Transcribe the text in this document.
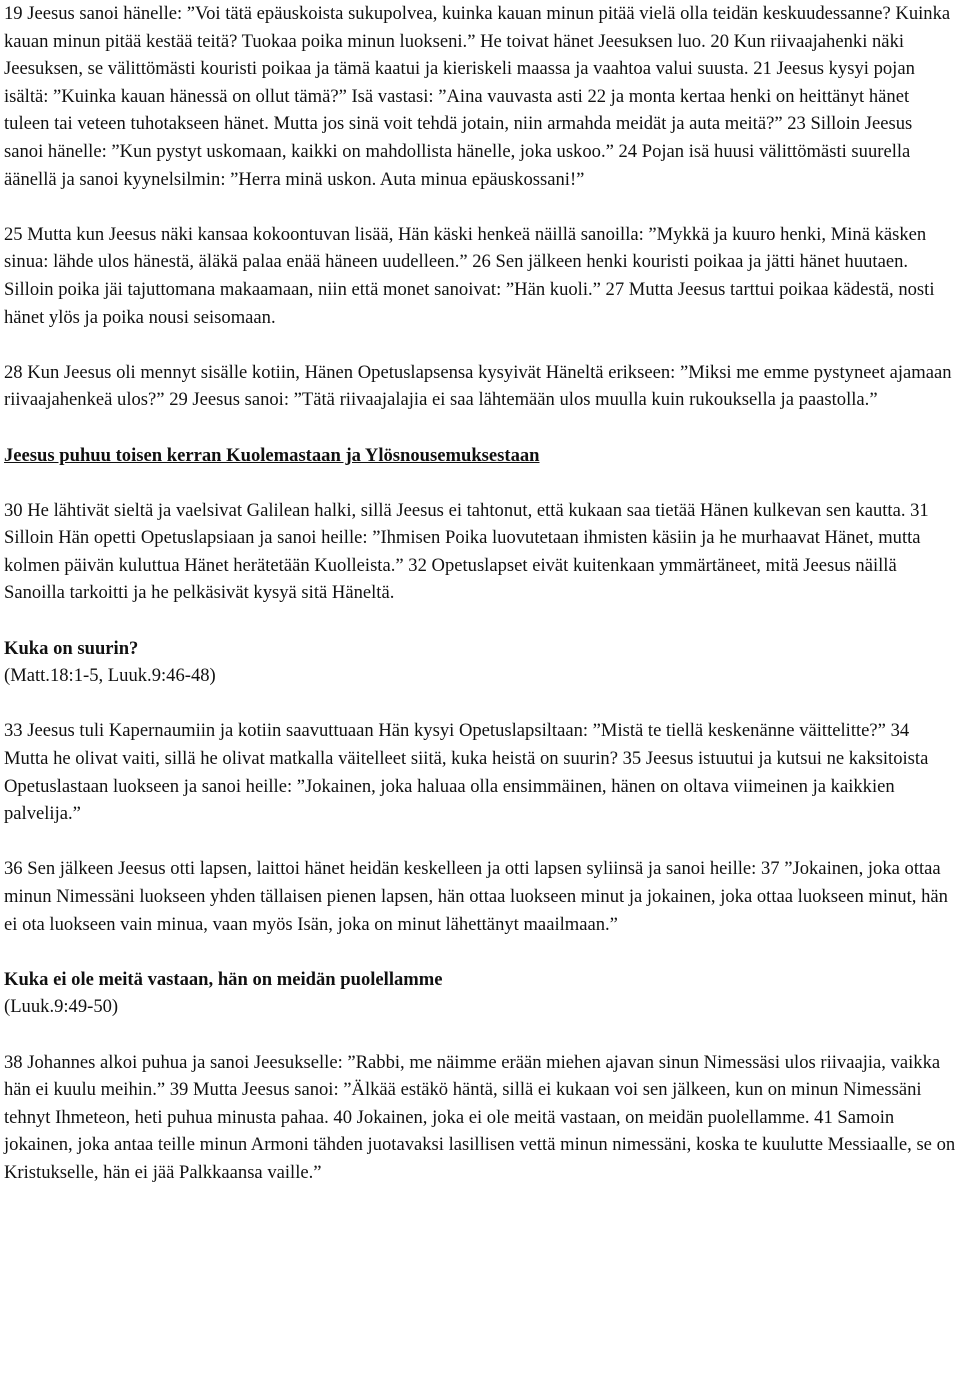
19 Jeesus sanoi hänelle: ”Voi tätä epäuskoista sukupolvea, kuinka kauan minun pitää vielä olla teidän keskuudessanne? Kuinka kauan minun pitää kestää teitä? Tuokaa poika minun luokseni.” He toivat hänet Jeesuksen luo. 20 Kun riivaajahenki näki Jeesuksen, se välittömästi kouristi poikaa ja tämä kaatui ja kieriskeli maassa ja vaahtoa valui suusta. 21 Jeesus kysyi pojan isältä: ”Kuinka kauan hänessä on ollut tämä?” Isä vastasi: ”Aina vauvasta asti 22 ja monta kertaa henki on heittänyt hänet tuleen tai veteen tuhotakseen hänet. Mutta jos sinä voit tehdä jotain, niin armahda meidät ja auta meitä?” 23 Silloin Jeesus sanoi hänelle: ”Kun pystyt uskomaan, kaikki on mahdollista hänelle, joka uskoo.” 24 Pojan isä huusi välittömästi suurella äänellä ja sanoi kyynelsilmin: ”Herra minä uskon. Auta minua epäuskossani!”

25 Mutta kun Jeesus näki kansaa kokoontuvan lisää, Hän käski henkeä näillä sanoilla: ”Mykkä ja kuuro henki, Minä käsken sinua: lähde ulos hänestä, äläkä palaa enää häneen uudelleen.” 26 Sen jälkeen henki kouristi poikaa ja jätti hänet huutaen. Silloin poika jäi tajuttomana makaamaan, niin että monet sanoivat: ”Hän kuoli.” 27 Mutta Jeesus tarttui poikaa kädestä, nosti hänet ylös ja poika nousi seisomaan.

28 Kun Jeesus oli mennyt sisälle kotiin, Hänen Opetuslapsensa kysyivät Häneltä erikseen: ”Miksi me emme pystyneet ajamaan riivaajahenkeä ulos?” 29 Jeesus sanoi: ”Tätä riivaajalajia ei saa lähtemään ulos muulla kuin rukouksella ja paastolla.”

Jeesus puhuu toisen kerran Kuolemastaan ja Ylösnousemuksestaan

30 He lähtivät sieltä ja vaelsivat Galilean halki, sillä Jeesus ei tahtonut, että kukaan saa tietää Hänen kulkevan sen kautta. 31 Silloin Hän opetti Opetuslapsiaan ja sanoi heille: ”Ihmisen Poika luovutetaan ihmisten käsiin ja he murhaavat Hänet, mutta kolmen päivän kuluttua Hänet herätetään Kuolleista.” 32 Opetuslapset eivät kuitenkaan ymmärtäneet, mitä Jeesus näillä Sanoilla tarkoitti ja he pelkäsivät kysyä sitä Häneltä.

Kuka on suurin?

(Matt.18:1-5, Luuk.9:46-48)

33 Jeesus tuli Kapernaumiin ja kotiin saavuttuaan Hän kysyi Opetuslapsiltaan: ”Mistä te tiellä keskenänne väittelitte?” 34 Mutta he olivat vaiti, sillä he olivat matkalla väitelleet siitä, kuka heistä on suurin? 35 Jeesus istuutui ja kutsui ne kaksitoista Opetuslastaan luokseen ja sanoi heille: ”Jokainen, joka haluaa olla ensimmäinen, hänen on oltava viimeinen ja kaikkien palvelija.”

36 Sen jälkeen Jeesus otti lapsen, laittoi hänet heidän keskelleen ja otti lapsen syliinsä ja sanoi heille: 37 ”Jokainen, joka ottaa minun Nimessäni luokseen yhden tällaisen pienen lapsen, hän ottaa luokseen minut ja jokainen, joka ottaa luokseen minut, hän ei ota luokseen vain minua, vaan myös Isän, joka on minut lähettänyt maailmaan.”

Kuka ei ole meitä vastaan, hän on meidän puolellamme

(Luuk.9:49-50)

38 Johannes alkoi puhua ja sanoi Jeesukselle: ”Rabbi, me näimme erään miehen ajavan sinun Nimessäsi ulos riivaajia, vaikka hän ei kuulu meihin.” 39 Mutta Jeesus sanoi: ”Älkää estäkö häntä, sillä ei kukaan voi sen jälkeen, kun on minun Nimessäni tehnyt Ihmeteon, heti puhua minusta pahaa. 40 Jokainen, joka ei ole meitä vastaan, on meidän puolellamme. 41 Samoin jokainen, joka antaa teille minun Armoni tähden juotavaksi lasillisen vettä minun nimessäni, koska te kuulutte Messiaalle, se on Kristukselle, hän ei jää Palkkaansa vaille.”
